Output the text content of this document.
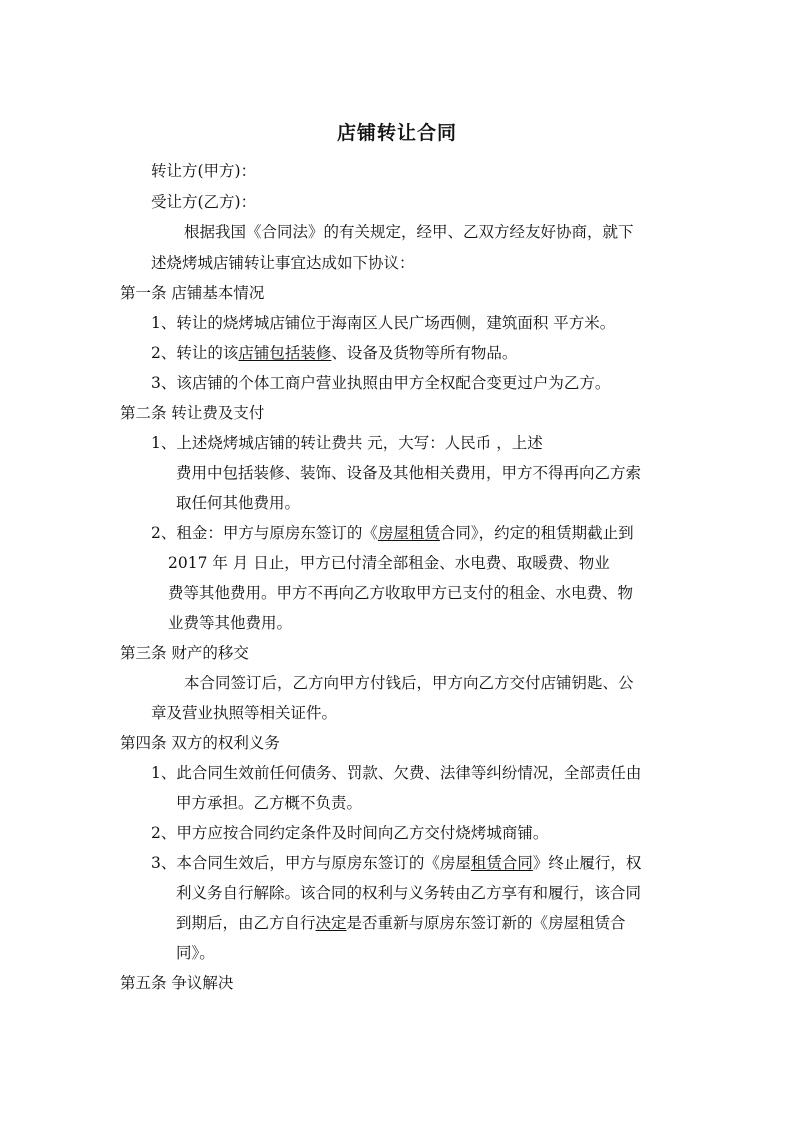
店铺转让合同
转让方(甲方)：
受让方(乙方)：
根据我国《合同法》的有关规定，经甲、乙双方经友好协商，就下
述烧烤城店铺转让事宜达成如下协议：
第一条 店铺基本情况
1、转让的烧烤城店铺位于海南区人民广场西侧，建筑面积 平方米。
2、转让的该店铺包括装修、设备及货物等所有物品。
3、该店铺的个体工商户营业执照由甲方全权配合变更过户为乙方。
第二条 转让费及支付
1、上述烧烤城店铺的转让费共 元，大写：人民币 ，上述
费用中包括装修、装饰、设备及其他相关费用，甲方不得再向乙方索
取任何其他费用。
2、租金：甲方与原房东签订的《房屋租赁合同》，约定的租赁期截止到
2017 年 月 日止，甲方已付清全部租金、水电费、取暖费、物业
费等其他费用。甲方不再向乙方收取甲方已支付的租金、水电费、物
业费等其他费用。
第三条 财产的移交
本合同签订后，乙方向甲方付钱后，甲方向乙方交付店铺钥匙、公
章及营业执照等相关证件。
第四条 双方的权利义务
1、此合同生效前任何债务、罚款、欠费、法律等纠纷情况，全部责任由
甲方承担。乙方概不负责。
2、甲方应按合同约定条件及时间向乙方交付烧烤城商铺。
3、本合同生效后，甲方与原房东签订的《房屋租赁合同》终止履行，权
利义务自行解除。该合同的权利与义务转由乙方享有和履行，该合同
到期后，由乙方自行决定是否重新与原房东签订新的《房屋租赁合
同》。
第五条 争议解决
